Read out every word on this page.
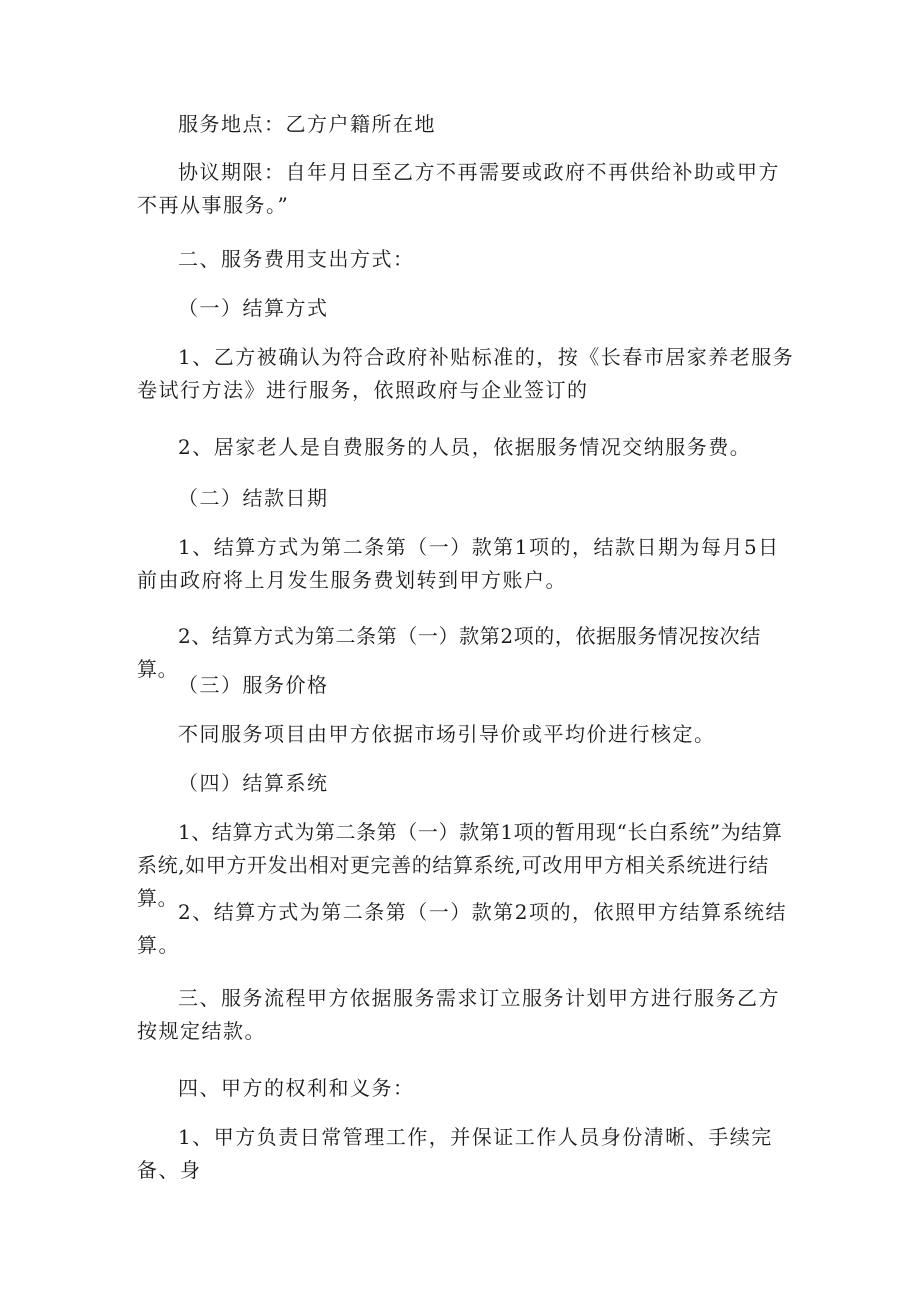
服务地点：乙方户籍所在地
协议期限：自年月日至乙方不再需要或政府不再供给补助或甲方不再从事服务。”
二、服务费用支出方式：
（一）结算方式
1、乙方被确认为符合政府补贴标准的，按《长春市居家养老服务卷试行方法》进行服务，依照政府与企业签订的
2、居家老人是自费服务的人员，依据服务情况交纳服务费。
（二）结款日期
1、结算方式为第二条第（一）款第1项的，结款日期为每月5日前由政府将上月发生服务费划转到甲方账户。
2、结算方式为第二条第（一）款第2项的，依据服务情况按次结算。
（三）服务价格
不同服务项目由甲方依据市场引导价或平均价进行核定。
（四）结算系统
1、结算方式为第二条第（一）款第1项的暂用现“长白系统”为结算系统,如甲方开发出相对更完善的结算系统,可改用甲方相关系统进行结算。
2、结算方式为第二条第（一）款第2项的，依照甲方结算系统结算。
三、服务流程甲方依据服务需求订立服务计划甲方进行服务乙方按规定结款。
四、甲方的权利和义务：
1、甲方负责日常管理工作，并保证工作人员身份清晰、手续完备、身
